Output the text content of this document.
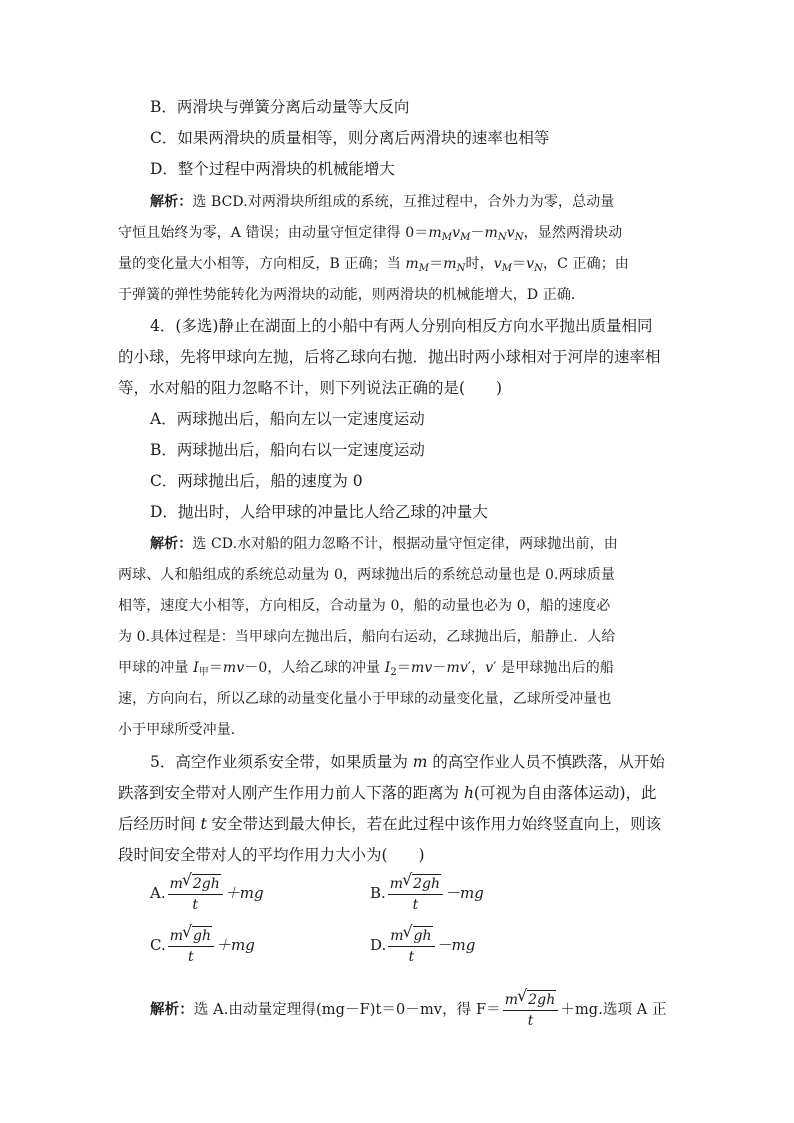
B．两滑块与弹簧分离后动量等大反向
C．如果两滑块的质量相等，则分离后两滑块的速率也相等
D．整个过程中两滑块的机械能增大
解析：选 BCD.对两滑块所组成的系统，互推过程中，合外力为零，总动量
守恒且始终为零，A 错误；由动量守恒定律得 $0=m_Mv_M-m_Nv_N$，显然两滑块动
量的变化量大小相等，方向相反，B 正确；当 $m_M=m_N$时，$v_M=v_N$，C 正确；由
于弹簧的弹性势能转化为两滑块的动能，则两滑块的机械能增大，D 正确．
4．(多选)静止在湖面上的小船中有两人分别向相反方向水平抛出质量相同
的小球，先将甲球向左抛，后将乙球向右抛．抛出时两小球相对于河岸的速率相
等，水对船的阻力忽略不计，则下列说法正确的是(　　)
A．两球抛出后，船向左以一定速度运动
B．两球抛出后，船向右以一定速度运动
C．两球抛出后，船的速度为 0
D．抛出时，人给甲球的冲量比人给乙球的冲量大
解析：选 CD.水对船的阻力忽略不计，根据动量守恒定律，两球抛出前，由
两球、人和船组成的系统总动量为 0，两球抛出后的系统总动量也是 0.两球质量
相等，速度大小相等，方向相反，合动量为 0，船的动量也必为 0，船的速度必
为 0.具体过程是：当甲球向左抛出后，船向右运动，乙球抛出后，船静止．人给
甲球的冲量 $I_甲=mv-0$，人给乙球的冲量 $I_2=mv-mv'$，v′ 是甲球抛出后的船
速，方向向右，所以乙球的动量变化量小于甲球的动量变化量，乙球所受冲量也
小于甲球所受冲量．
5．高空作业须系安全带，如果质量为 m 的高空作业人员不慎跌落，从开始
跌落到安全带对人刚产生作用力前人下落的距离为 h(可视为自由落体运动)，此
后经历时间 t 安全带达到最大伸长，若在此过程中该作用力始终竖直向上，则该
段时间安全带对人的平均作用力大小为(　　)
A. $\frac{m √ 2gh}{t} +mg$	B. $\frac{m √ 2gh}{t} -mg$
C. $\frac{m √ gh}{t} +mg$	D. $\frac{m √ gh}{t} -mg$
解析：选 A.由动量定理得(mg－F)t＝0－mv，得 $F= \frac{m √ 2gh}{t} +mg$.选项 A 正
